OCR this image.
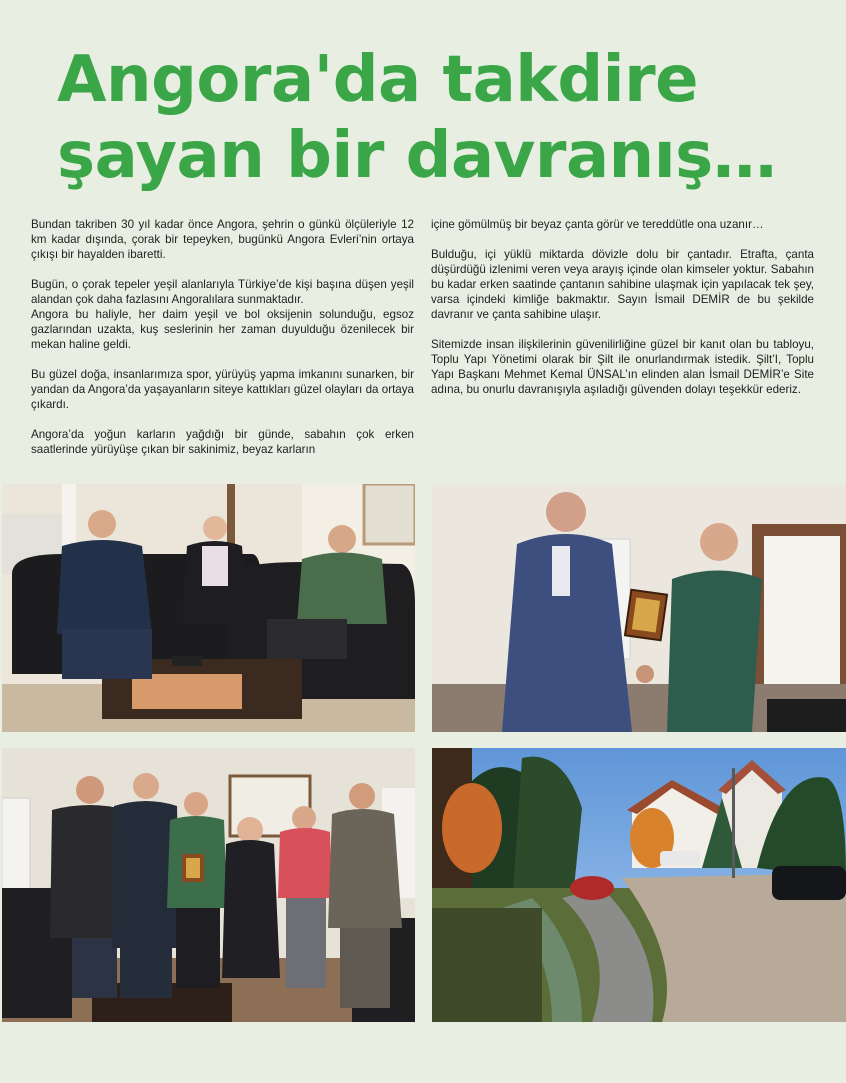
Angora'da takdire
şayan bir davranış…

Bundan takriben 30 yıl kadar önce Angora, şehrin o günkü ölçüleriyle 12 km kadar dışında, çorak bir tepeyken, bugünkü Angora Evleri’nin ortaya çıkışı bir hayalden ibaretti.

Bugün, o çorak tepeler yeşil alanlarıyla Türkiye’de kişi başına düşen yeşil alandan çok daha fazlasını Angoralılara sunmaktadır.

Angora bu haliyle, her daim yeşil ve bol oksijenin solunduğu, egsoz gazlarından uzakta, kuş seslerinin her zaman duyulduğu özenilecek bir mekan haline geldi.

Bu güzel doğa, insanlarımıza spor, yürüyüş yapma imkanını sunarken, bir yandan da Angora’da yaşayanların siteye kattıkları güzel olayları da ortaya çıkardı.

Angora’da yoğun karların yağdığı bir günde, sabahın çok erken saatlerinde yürüyüşe çıkan bir sakinimiz, beyaz karların

içine gömülmüş bir beyaz çanta görür ve tereddütle ona uzanır…

Bulduğu, içi yüklü miktarda dövizle dolu bir çantadır. Etrafta, çanta düşürdüğü izlenimi veren veya arayış içinde olan kimseler yoktur. Sabahın bu kadar erken saatinde çantanın sahibine ulaşmak için yapılacak tek şey, varsa içindeki kimliğe bakmaktır. Sayın İsmail DEMİR de bu şekilde davranır ve çanta sahibine ulaşır.

Sitemizde insan ilişkilerinin güvenilirliğine güzel bir kanıt olan bu tabloyu, Toplu Yapı Yönetimi olarak bir Şilt ile onurlandırmak istedik. Şilt’I, Toplu Yapı Başkanı Mehmet Kemal ÜNSAL’ın elinden alan İsmail DEMİR’e Site adına, bu onurlu davranışıyla aşıladığı güvenden dolayı teşekkür ederiz.
